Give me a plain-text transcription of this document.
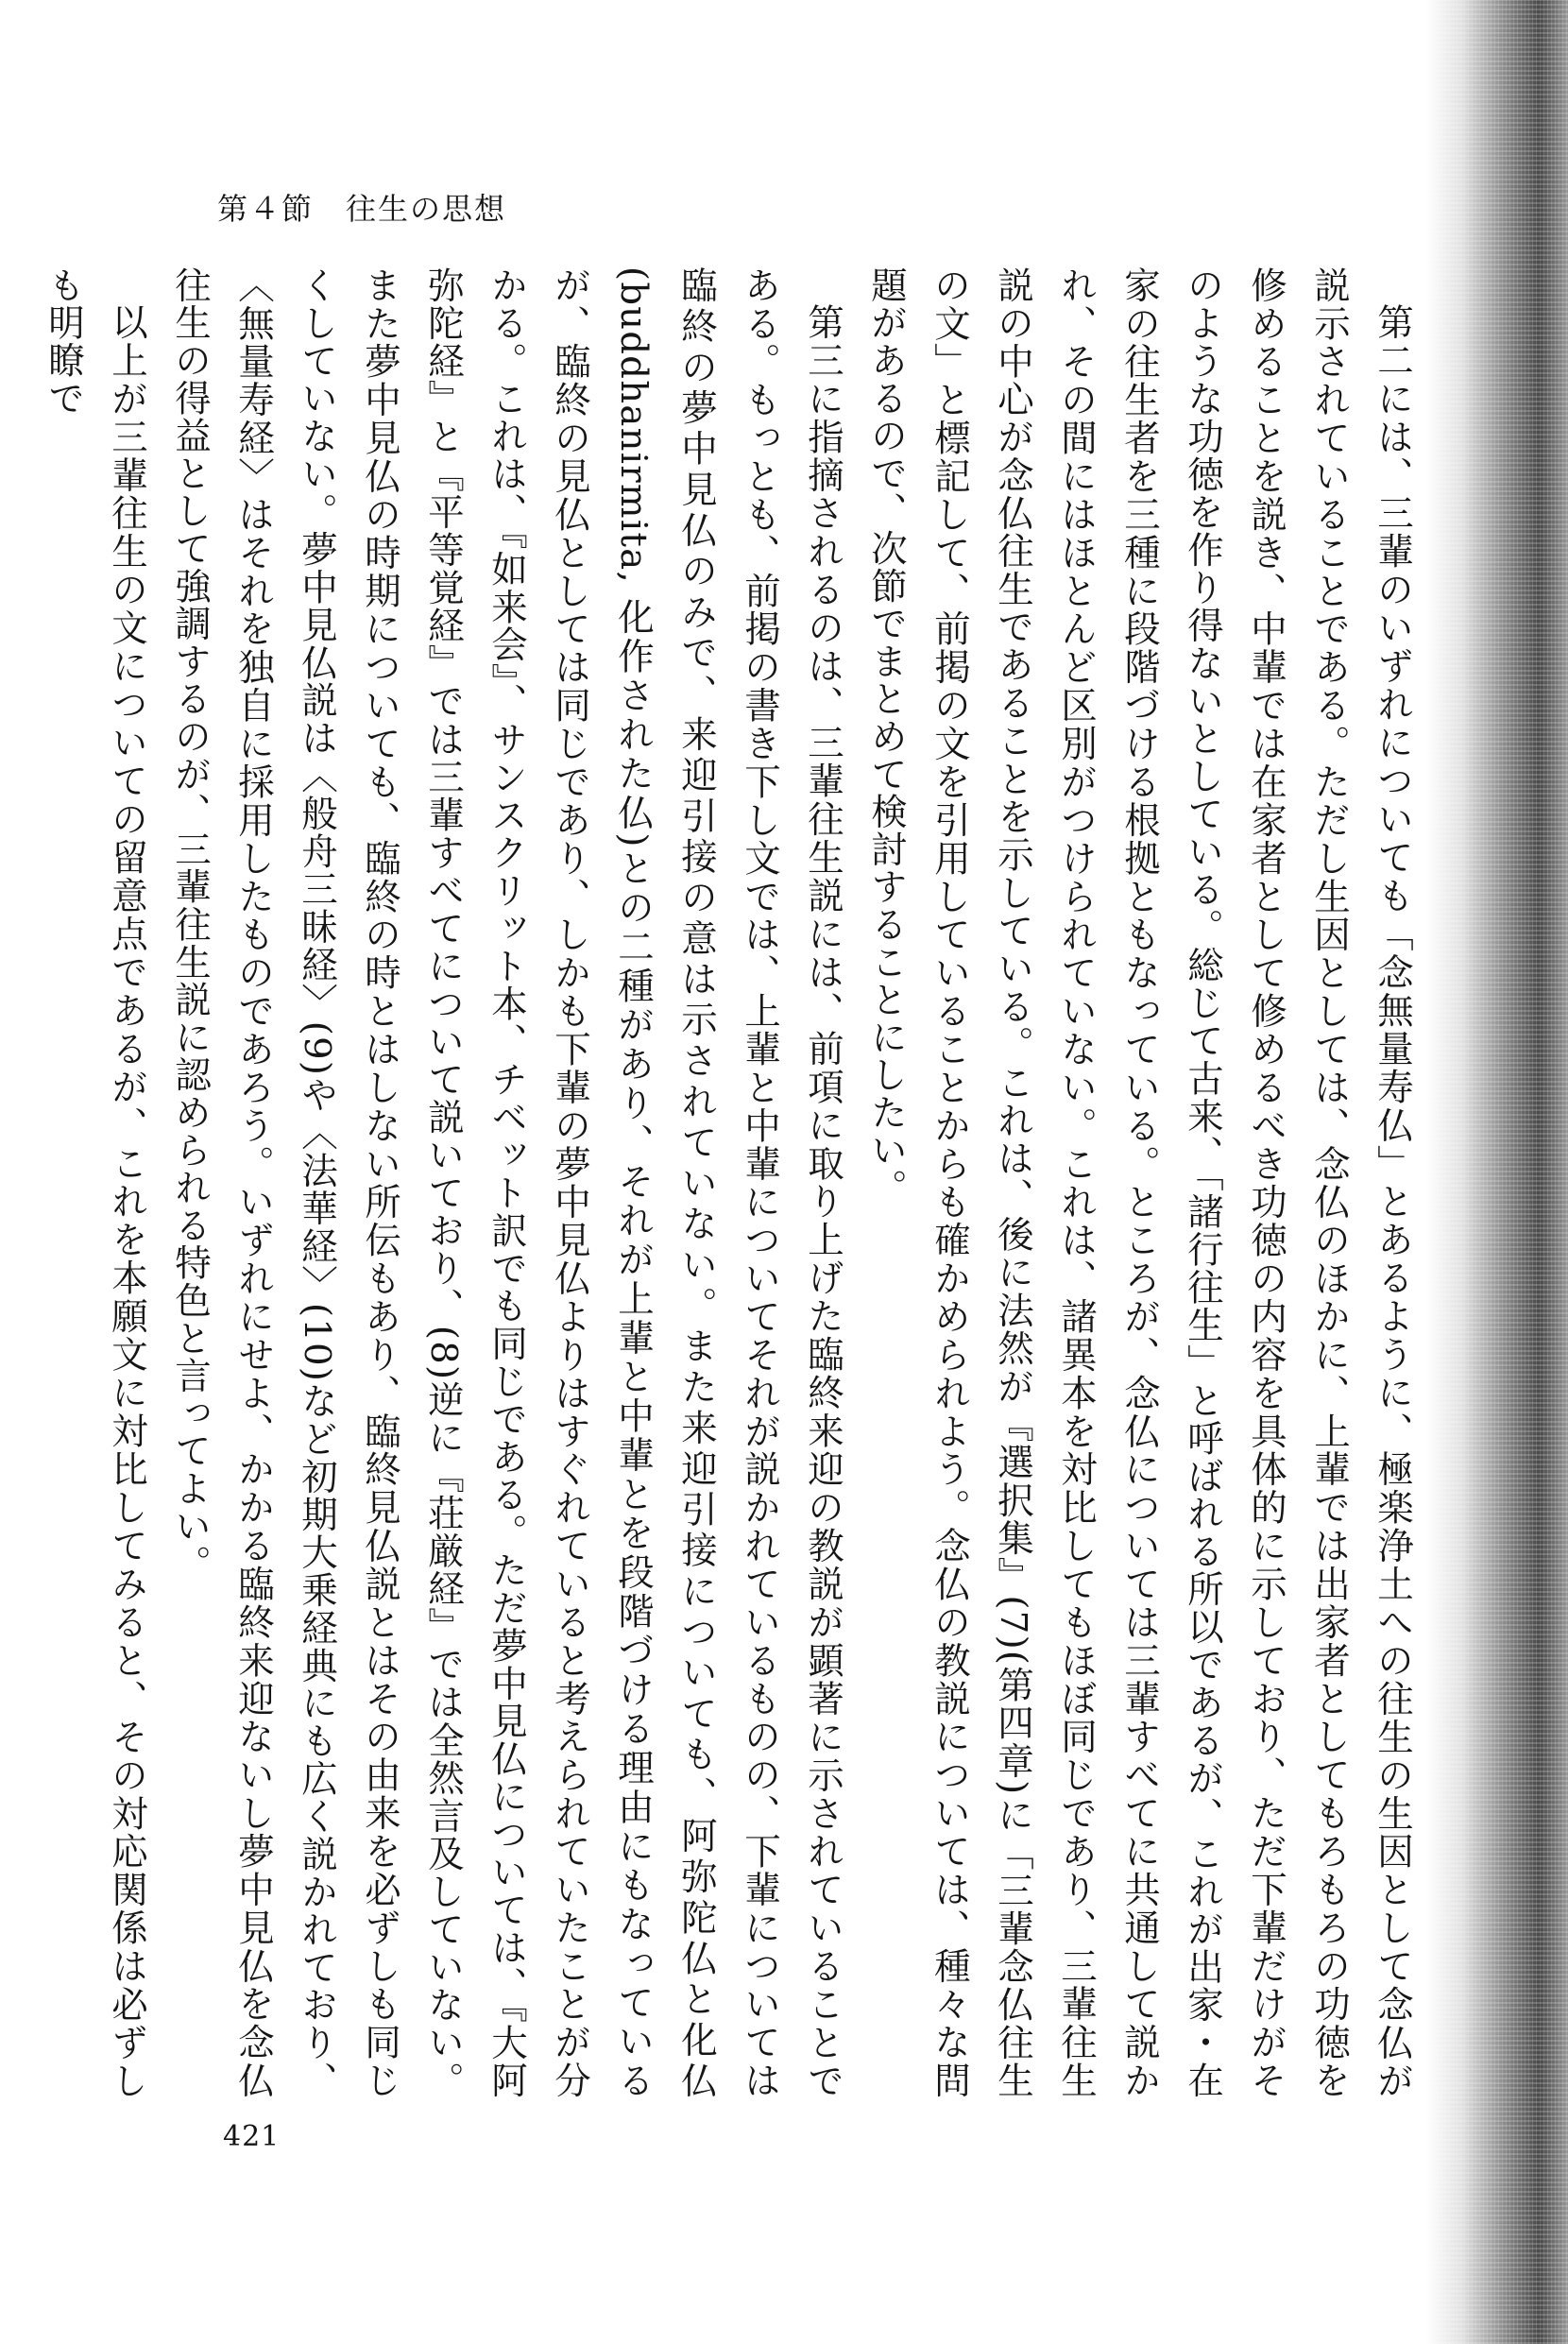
第４節　往生の思想

第二には、三輩のいずれについても「念無量寿仏」とあるように、極楽浄土への往生の生因として念仏が説示されていることである。ただし生因としては、念仏のほかに、上輩では出家者としてもろもろの功徳を修めることを説き、中輩では在家者として修めるべき功徳の内容を具体的に示しており、ただ下輩だけがそのような功徳を作り得ないとしている。総じて古来、「諸行往生」と呼ばれる所以であるが、これが出家・在家の往生者を三種に段階づける根拠ともなっている。ところが、念仏については三輩すべてに共通して説かれ、その間にはほとんど区別がつけられていない。これは、諸異本を対比してもほぼ同じであり、三輩往生説の中心が念仏往生であることを示している。これは、後に法然が『選択集』(7)(第四章)に「三輩念仏往生の文」と標記して、前掲の文を引用していることからも確かめられよう。念仏の教説については、種々な問題があるので、次節でまとめて検討することにしたい。

第三に指摘されるのは、三輩往生説には、前項に取り上げた臨終来迎の教説が顕著に示されていることである。もっとも、前掲の書き下し文では、上輩と中輩についてそれが説かれているものの、下輩については臨終の夢中見仏のみで、来迎引接の意は示されていない。また来迎引接についても、阿弥陀仏と化仏(buddhanirmita, 化作された仏)との二種があり、それが上輩と中輩とを段階づける理由にもなっているが、臨終の見仏としては同じであり、しかも下輩の夢中見仏よりはすぐれていると考えられていたことが分かる。これは、『如来会』、サンスクリット本、チベット訳でも同じである。ただ夢中見仏については、『大阿弥陀経』と『平等覚経』では三輩すべてについて説いており、(8)逆に『荘厳経』では全然言及していない。また夢中見仏の時期についても、臨終の時とはしない所伝もあり、臨終見仏説とはその由来を必ずしも同じくしていない。夢中見仏説は〈般舟三昧経〉(9)や〈法華経〉(10)など初期大乗経典にも広く説かれており、〈無量寿経〉はそれを独自に採用したものであろう。いずれにせよ、かかる臨終来迎ないし夢中見仏を念仏往生の得益として強調するのが、三輩往生説に認められる特色と言ってよい。

以上が三輩往生の文についての留意点であるが、これを本願文に対比してみると、その対応関係は必ずしも明瞭で

421
